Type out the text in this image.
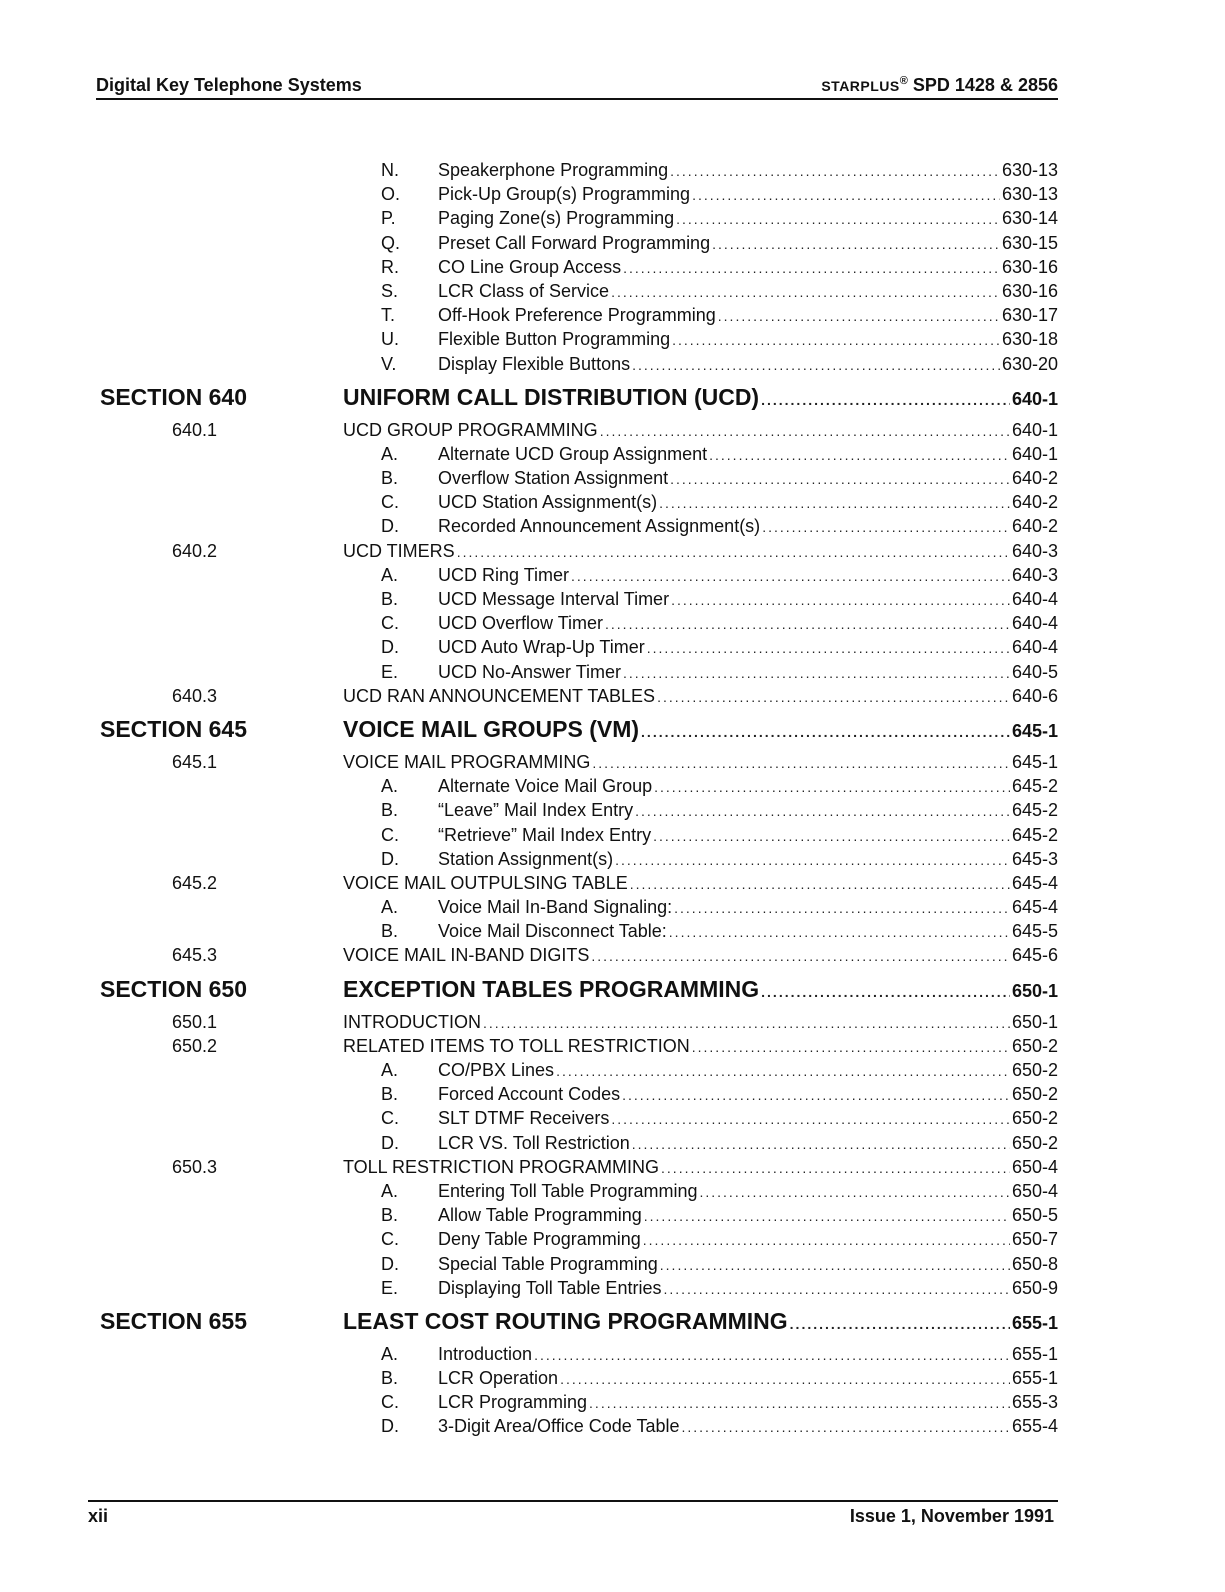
Digital Key Telephone Systems	STARPLUS® SPD 1428 & 2856
N. Speakerphone Programming .....	630-13
O. Pick-Up Group(s) Programming .....	630-13
P. Paging Zone(s) Programming .....	630-14
Q. Preset Call Forward Programming .....	630-15
R. CO Line Group Access .....	630-16
S. LCR Class of Service .....	630-16
T. Off-Hook Preference Programming .....	630-17
U. Flexible Button Programming .....	630-18
V. Display Flexible Buttons .....	630-20
SECTION 640	UNIFORM CALL DISTRIBUTION (UCD) .....	640-1
640.1	UCD GROUP PROGRAMMING .....	640-1
A. Alternate UCD Group Assignment .....	640-1
B. Overflow Station Assignment .....	640-2
C. UCD Station Assignment(s) .....	640-2
D. Recorded Announcement Assignment(s) .....	640-2
640.2	UCD TIMERS .....	640-3
A. UCD Ring Timer .....	640-3
B. UCD Message Interval Timer .....	640-4
C. UCD Overflow Timer .....	640-4
D. UCD Auto Wrap-Up Timer .....	640-4
E. UCD No-Answer Timer .....	640-5
640.3	UCD RAN ANNOUNCEMENT TABLES .....	640-6
SECTION 645	VOICE MAIL GROUPS (VM) .....	645-1
645.1	VOICE MAIL PROGRAMMING .....	645-1
A. Alternate Voice Mail Group .....	645-2
B. “Leave” Mail Index Entry .....	645-2
C. “Retrieve” Mail Index Entry .....	645-2
D. Station Assignment(s) .....	645-3
645.2	VOICE MAIL OUTPULSING TABLE .....	645-4
A. Voice Mail In-Band Signaling: .....	645-4
B. Voice Mail Disconnect Table: .....	645-5
645.3	VOICE MAIL IN-BAND DIGITS .....	645-6
SECTION 650	EXCEPTION TABLES PROGRAMMING .....	650-1
650.1	INTRODUCTION .....	650-1
650.2	RELATED ITEMS TO TOLL RESTRICTION .....	650-2
A. CO/PBX Lines .....	650-2
B. Forced Account Codes .....	650-2
C. SLT DTMF Receivers .....	650-2
D. LCR VS. Toll Restriction .....	650-2
650.3	TOLL RESTRICTION PROGRAMMING .....	650-4
A. Entering Toll Table Programming .....	650-4
B. Allow Table Programming .....	650-5
C. Deny Table Programming .....	650-7
D. Special Table Programming .....	650-8
E. Displaying Toll Table Entries .....	650-9
SECTION 655	LEAST COST ROUTING PROGRAMMING .....	655-1
A. Introduction .....	655-1
B. LCR Operation .....	655-1
C. LCR Programming .....	655-3
D. 3-Digit Area/Office Code Table .....	655-4
xii	Issue 1, November 1991
